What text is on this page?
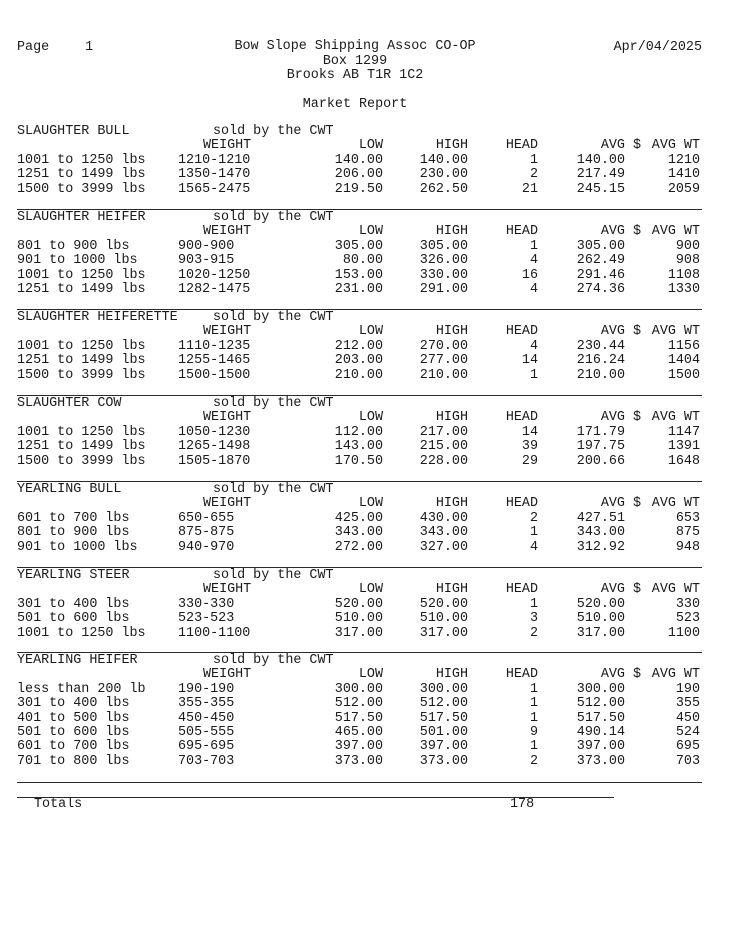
Page	1	Bow Slope Shipping Assoc CO-OP
Box 1299
Brooks AB T1R 1C2
Apr/04/2025
Market Report
SLAUGHTER BULL	sold by the CWT
WEIGHT	LOW	HIGH	HEAD	AVG $ AVG WT
1001 to 1250 lbs 1210-1210	140.00	140.00	1	140.00	1210
1251 to 1499 lbs 1350-1470	206.00	230.00	2	217.49	1410
1500 to 3999 lbs 1565-2475	219.50	262.50	21	245.15	2059
SLAUGHTER HEIFER	sold by the CWT
WEIGHT	LOW	HIGH	HEAD	AVG $ AVG WT
801 to 900 lbs	900-900	305.00	305.00	1	305.00	900
901 to 1000 lbs	903-915	80.00	326.00	4	262.49	908
1001 to 1250 lbs 1020-1250	153.00	330.00	16	291.46	1108
1251 to 1499 lbs 1282-1475	231.00	291.00	4	274.36	1330
SLAUGHTER HEIFERETTE	sold by the CWT
WEIGHT	LOW	HIGH	HEAD	AVG $ AVG WT
1001 to 1250 lbs 1110-1235	212.00	270.00	4	230.44	1156
1251 to 1499 lbs 1255-1465	203.00	277.00	14	216.24	1404
1500 to 3999 lbs 1500-1500	210.00	210.00	1	210.00	1500
SLAUGHTER COW	sold by the CWT
WEIGHT	LOW	HIGH	HEAD	AVG $ AVG WT
1001 to 1250 lbs 1050-1230	112.00	217.00	14	171.79	1147
1251 to 1499 lbs 1265-1498	143.00	215.00	39	197.75	1391
1500 to 3999 lbs 1505-1870	170.50	228.00	29	200.66	1648
YEARLING BULL	sold by the CWT
WEIGHT	LOW	HIGH	HEAD	AVG $ AVG WT
601 to 700 lbs	650-655	425.00	430.00	2	427.51	653
801 to 900 lbs	875-875	343.00	343.00	1	343.00	875
901 to 1000 lbs	940-970	272.00	327.00	4	312.92	948
YEARLING STEER	sold by the CWT
WEIGHT	LOW	HIGH	HEAD	AVG $ AVG WT
301 to 400 lbs	330-330	520.00	520.00	1	520.00	330
501 to 600 lbs	523-523	510.00	510.00	3	510.00	523
1001 to 1250 lbs 1100-1100	317.00	317.00	2	317.00	1100
YEARLING HEIFER	sold by the CWT
WEIGHT	LOW	HIGH	HEAD	AVG $ AVG WT
less than 200 lb 190-190	300.00	300.00	1	300.00	190
301 to 400 lbs	355-355	512.00	512.00	1	512.00	355
401 to 500 lbs	450-450	517.50	517.50	1	517.50	450
501 to 600 lbs	505-555	465.00	501.00	9	490.14	524
601 to 700 lbs	695-695	397.00	397.00	1	397.00	695
701 to 800 lbs	703-703	373.00	373.00	2	373.00	703
Totals	178
